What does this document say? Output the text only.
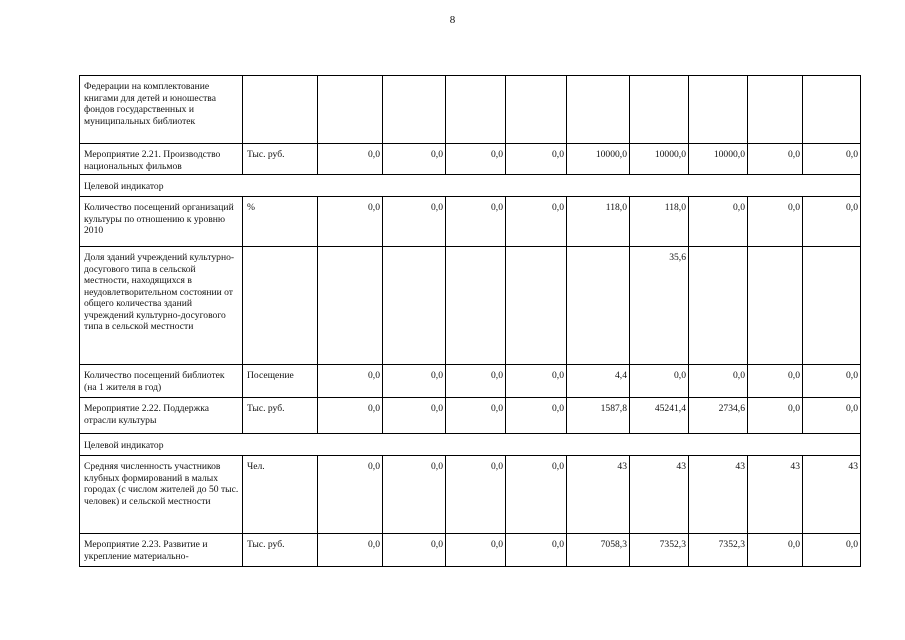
8
Федерации на комплектование книгами для детей и юношества фондов государственных и муниципальных библиотек										
Мероприятие 2.21. Производство национальных фильмов	Тыс. руб.	0,0	0,0	0,0	0,0	10000,0	10000,0	10000,0	0,0	0,0
Целевой индикатор										
Количество посещений организаций культуры по отношению к уровню 2010	%	0,0	0,0	0,0	0,0	118,0	118,0	0,0	0,0	0,0
Доля зданий учреждений культурно-досугового типа в сельской местности, находящихся в неудовлетворительном состоянии от общего количества зданий учреждений культурно-досугового типа в сельской местности							35,6			
Количество посещений библиотек (на 1 жителя в год)	Посещение	0,0	0,0	0,0	0,0	4,4	0,0	0,0	0,0	0,0
Мероприятие 2.22. Поддержка отрасли культуры	Тыс. руб.	0,0	0,0	0,0	0,0	1587,8	45241,4	2734,6	0,0	0,0
Целевой индикатор										
Средняя численность участников клубных формирований в малых городах (с числом жителей до 50 тыс. человек) и сельской местности	Чел.	0,0	0,0	0,0	0,0	43	43	43	43	43
Мероприятие 2.23. Развитие и укрепление материально-	Тыс. руб.	0,0	0,0	0,0	0,0	7058,3	7352,3	7352,3	0,0	0,0
